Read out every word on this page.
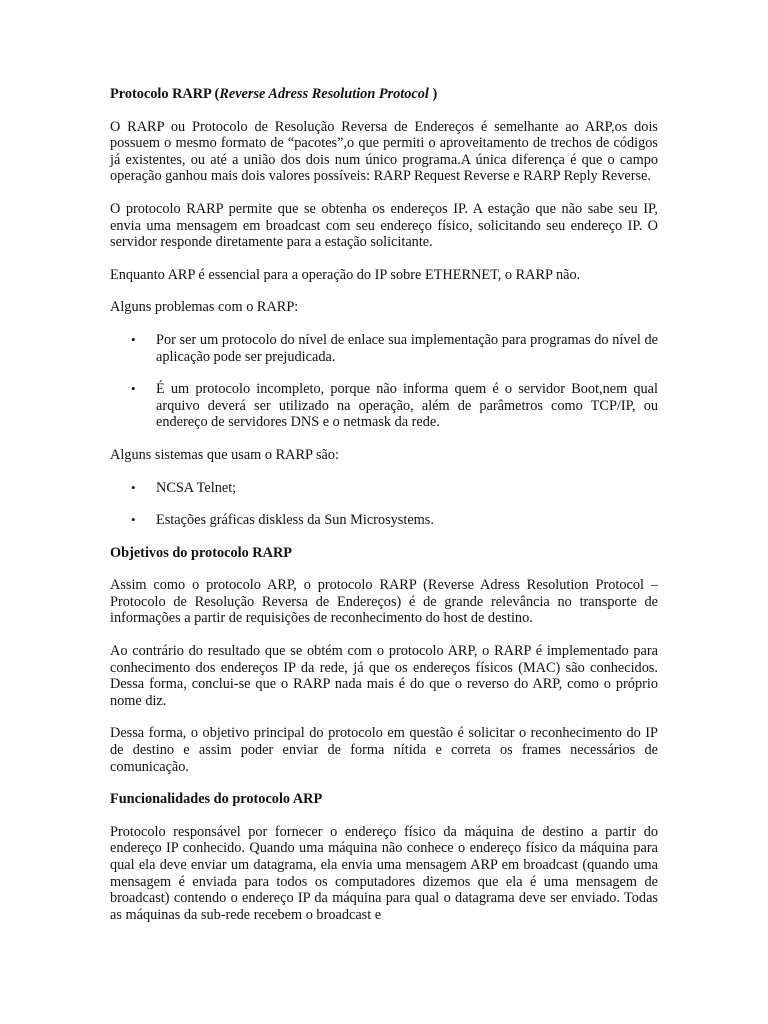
Protocolo RARP (Reverse Adress Resolution Protocol )

O RARP ou Protocolo de Resolução Reversa de Endereços é semelhante ao ARP,os dois possuem o mesmo formato de “pacotes”,o que permiti o aproveitamento de trechos de códigos já existentes, ou até a união dos dois num único programa.A única diferença é que o campo operação ganhou mais dois valores possíveis: RARP Request Reverse e RARP Reply Reverse.

O protocolo RARP permite que se obtenha os endereços IP. A estação que não sabe seu IP, envia uma mensagem em broadcast com seu endereço físico, solicitando seu endereço IP. O servidor responde diretamente para a estação solicitante.

Enquanto ARP é essencial para a operação do IP sobre ETHERNET, o RARP não.

Alguns problemas com o RARP:

• Por ser um protocolo do nível de enlace sua implementação para programas do nível de aplicação pode ser prejudicada.
• É um protocolo incompleto, porque não informa quem é o servidor Boot,nem qual arquivo deverá ser utilizado na operação, além de parâmetros como TCP/IP, ou endereço de servidores DNS e o netmask da rede.

Alguns sistemas que usam o RARP são:

• NCSA Telnet;
• Estações gráficas diskless da Sun Microsystems.

Objetivos do protocolo RARP

Assim como o protocolo ARP, o protocolo RARP (Reverse Adress Resolution Protocol – Protocolo de Resolução Reversa de Endereços) é de grande relevância no transporte de informações a partir de requisições de reconhecimento do host de destino.

Ao contrário do resultado que se obtém com o protocolo ARP, o RARP é implementado para conhecimento dos endereços IP da rede, já que os endereços físicos (MAC) são conhecidos. Dessa forma, conclui-se que o RARP nada mais é do que o reverso do ARP, como o próprio nome diz.

Dessa forma, o objetivo principal do protocolo em questão é solicitar o reconhecimento do IP de destino e assim poder enviar de forma nítida e correta os frames necessários de comunicação.

Funcionalidades do protocolo ARP

Protocolo responsável por fornecer o endereço físico da máquina de destino a partir do endereço IP conhecido. Quando uma máquina não conhece o endereço físico da máquina para qual ela deve enviar um datagrama, ela envia uma mensagem ARP em broadcast (quando uma mensagem é enviada para todos os computadores dizemos que ela é uma mensagem de broadcast) contendo o endereço IP da máquina para qual o datagrama deve ser enviado. Todas as máquinas da sub-rede recebem o broadcast e
